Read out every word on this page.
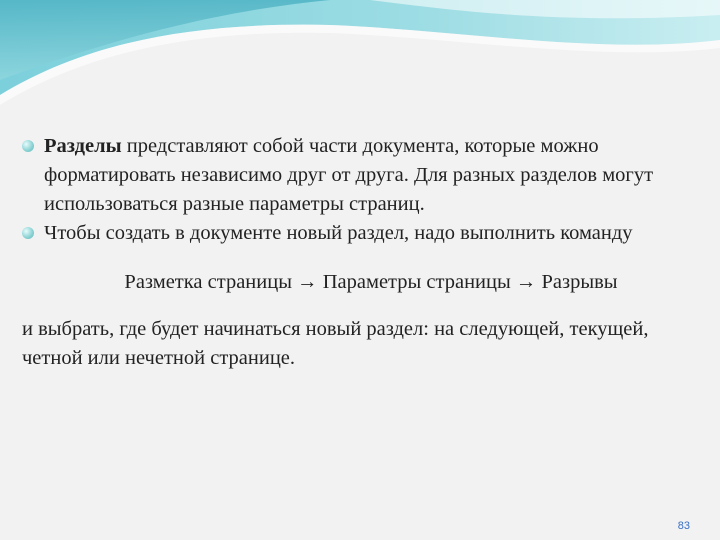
Разделы представляют собой части документа, которые можно форматировать независимо друг от друга. Для разных разделов могут использоваться разные параметры страниц.
Чтобы создать в документе новый раздел, надо выполнить команду
Разметка страницы → Параметры страницы → Разрывы
и выбрать, где будет начинаться новый раздел: на следующей, текущей, четной или нечетной странице.
83
